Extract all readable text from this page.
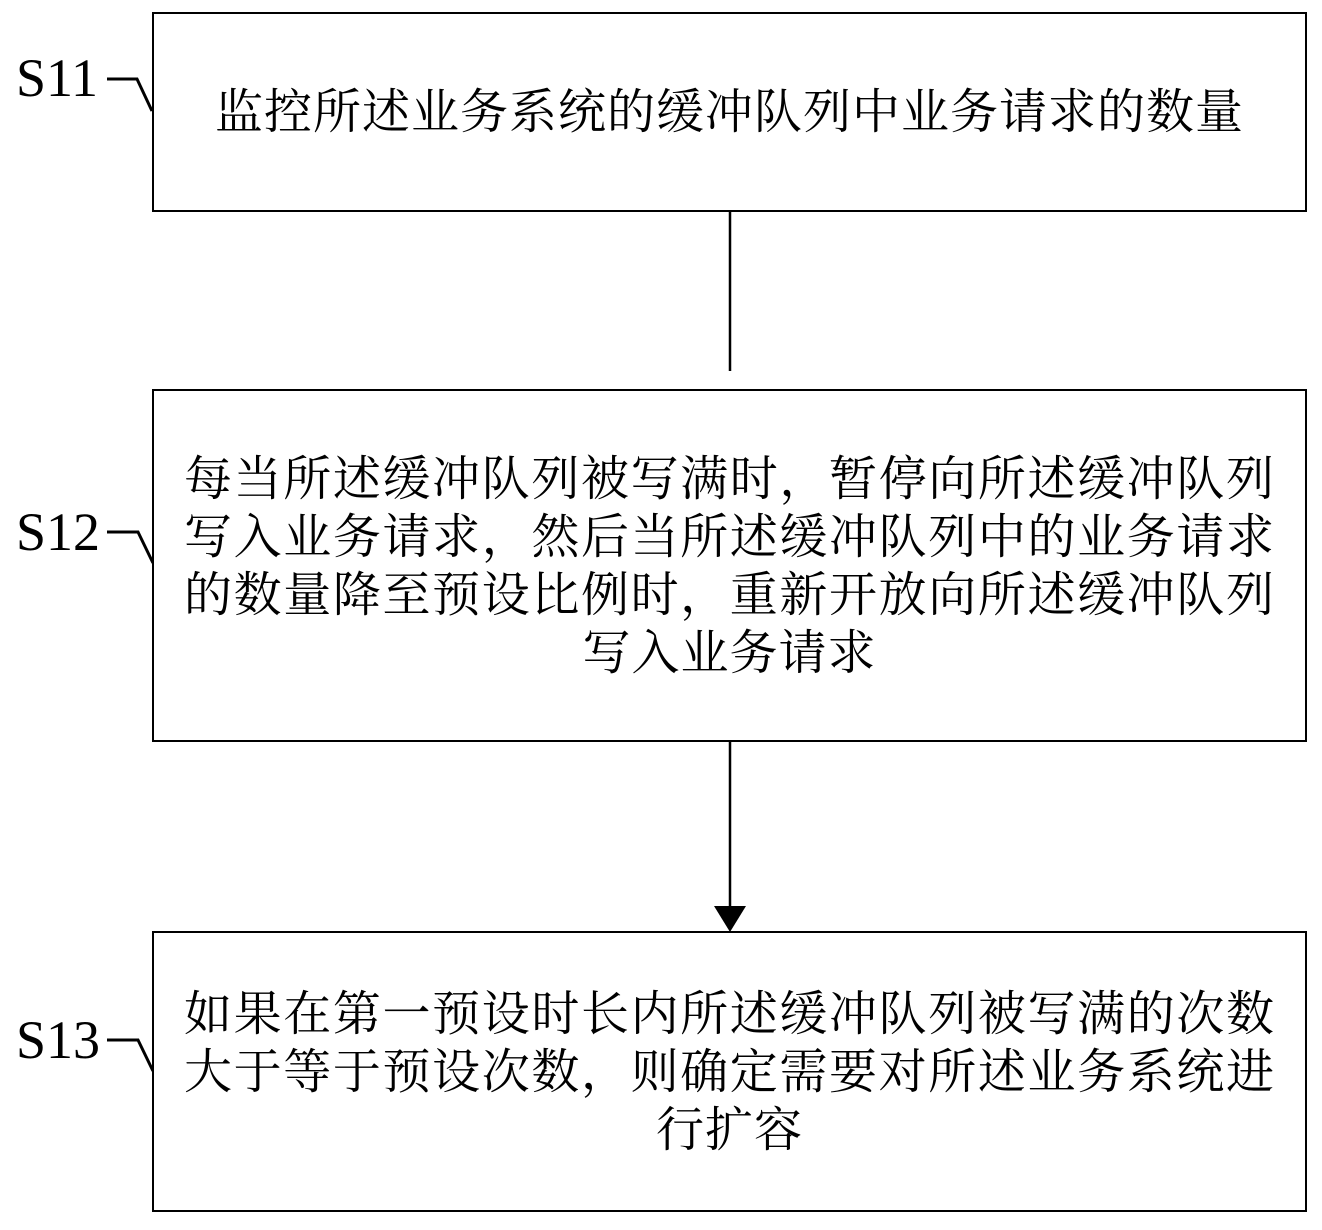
S11
S12
S13
监控所述业务系统的缓冲队列中业务请求的数量
每当所述缓冲队列被写满时，暂停向所述缓冲队列写入业务请求，然后当所述缓冲队列中的业务请求的数量降至预设比例时，重新开放向所述缓冲队列写入业务请求
如果在第一预设时长内所述缓冲队列被写满的次数大于等于预设次数，则确定需要对所述业务系统进行扩容
